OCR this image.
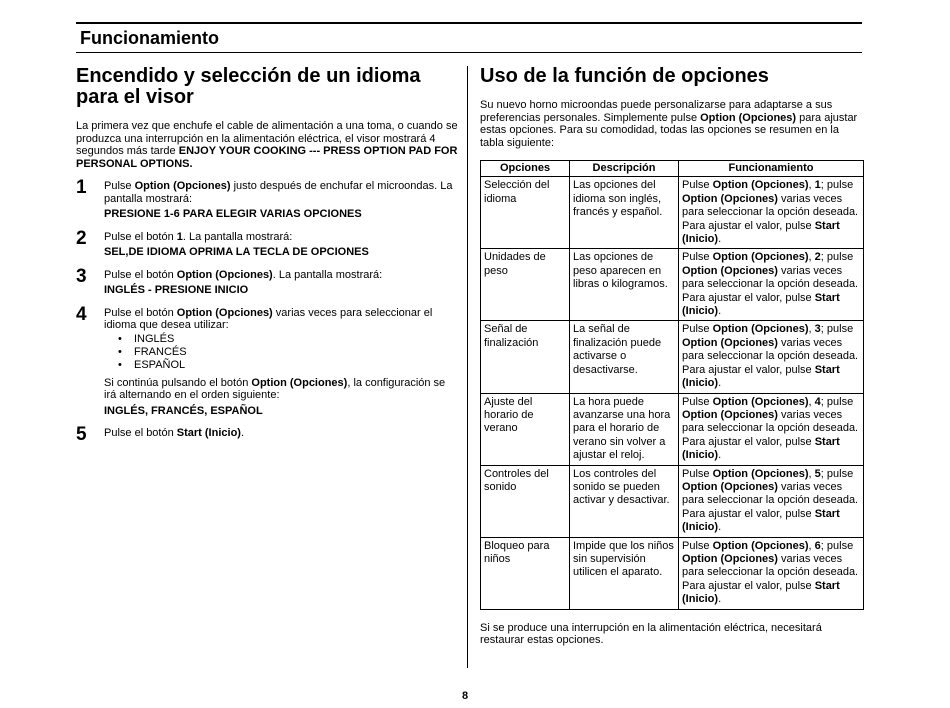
Funcionamiento
Encendido y selección de un idioma para el visor

La primera vez que enchufe el cable de alimentación a una toma, o cuando se produzca una interrupción en la alimentación eléctrica, el visor mostrará 4 segundos más tarde ENJOY YOUR COOKING --- PRESS OPTION PAD FOR PERSONAL OPTIONS.

1 Pulse Option (Opciones) justo después de enchufar el microondas. La pantalla mostrará:

PRESIONE 1-6 PARA ELEGIR VARIAS OPCIONES

2 Pulse el botón 1. La pantalla mostrará:

SEL,DE IDIOMA OPRIMA LA TECLA DE OPCIONES

3 Pulse el botón Option (Opciones). La pantalla mostrará:

INGLÉS - PRESIONE INICIO

4 Pulse el botón Option (Opciones) varias veces para seleccionar el idioma que desea utilizar:

• INGLÉS
• FRANCÉS
• ESPAÑOL

Si continúa pulsando el botón Option (Opciones), la configuración se irá alternando en el orden siguiente:

INGLÉS, FRANCÉS, ESPAÑOL

5 Pulse el botón Start (Inicio).

Uso de la función de opciones

Su nuevo horno microondas puede personalizarse para adaptarse a sus preferencias personales. Simplemente pulse Option (Opciones) para ajustar estas opciones. Para su comodidad, todas las opciones se resumen en la tabla siguiente:

Opciones	Descripción	Funcionamiento
Selección del idioma	Las opciones del idioma son inglés, francés y español.	Pulse Option (Opciones), 1; pulse Option (Opciones) varias veces para seleccionar la opción deseada. Para ajustar el valor, pulse Start (Inicio).
Unidades de peso	Las opciones de peso aparecen en libras o kilogramos.	Pulse Option (Opciones), 2; pulse Option (Opciones) varias veces para seleccionar la opción deseada. Para ajustar el valor, pulse Start (Inicio).
Señal de finalización	La señal de finalización puede activarse o desactivarse.	Pulse Option (Opciones), 3; pulse Option (Opciones) varias veces para seleccionar la opción deseada. Para ajustar el valor, pulse Start (Inicio).
Ajuste del horario de verano	La hora puede avanzarse una hora para el horario de verano sin volver a ajustar el reloj.	Pulse Option (Opciones), 4; pulse Option (Opciones) varias veces para seleccionar la opción deseada. Para ajustar el valor, pulse Start (Inicio).
Controles del sonido	Los controles del sonido se pueden activar y desactivar.	Pulse Option (Opciones), 5; pulse Option (Opciones) varias veces para seleccionar la opción deseada. Para ajustar el valor, pulse Start (Inicio).
Bloqueo para niños	Impide que los niños sin supervisión utilicen el aparato.	Pulse Option (Opciones), 6; pulse Option (Opciones) varias veces para seleccionar la opción deseada. Para ajustar el valor, pulse Start (Inicio).

Si se produce una interrupción en la alimentación eléctrica, necesitará restaurar estas opciones.

8
